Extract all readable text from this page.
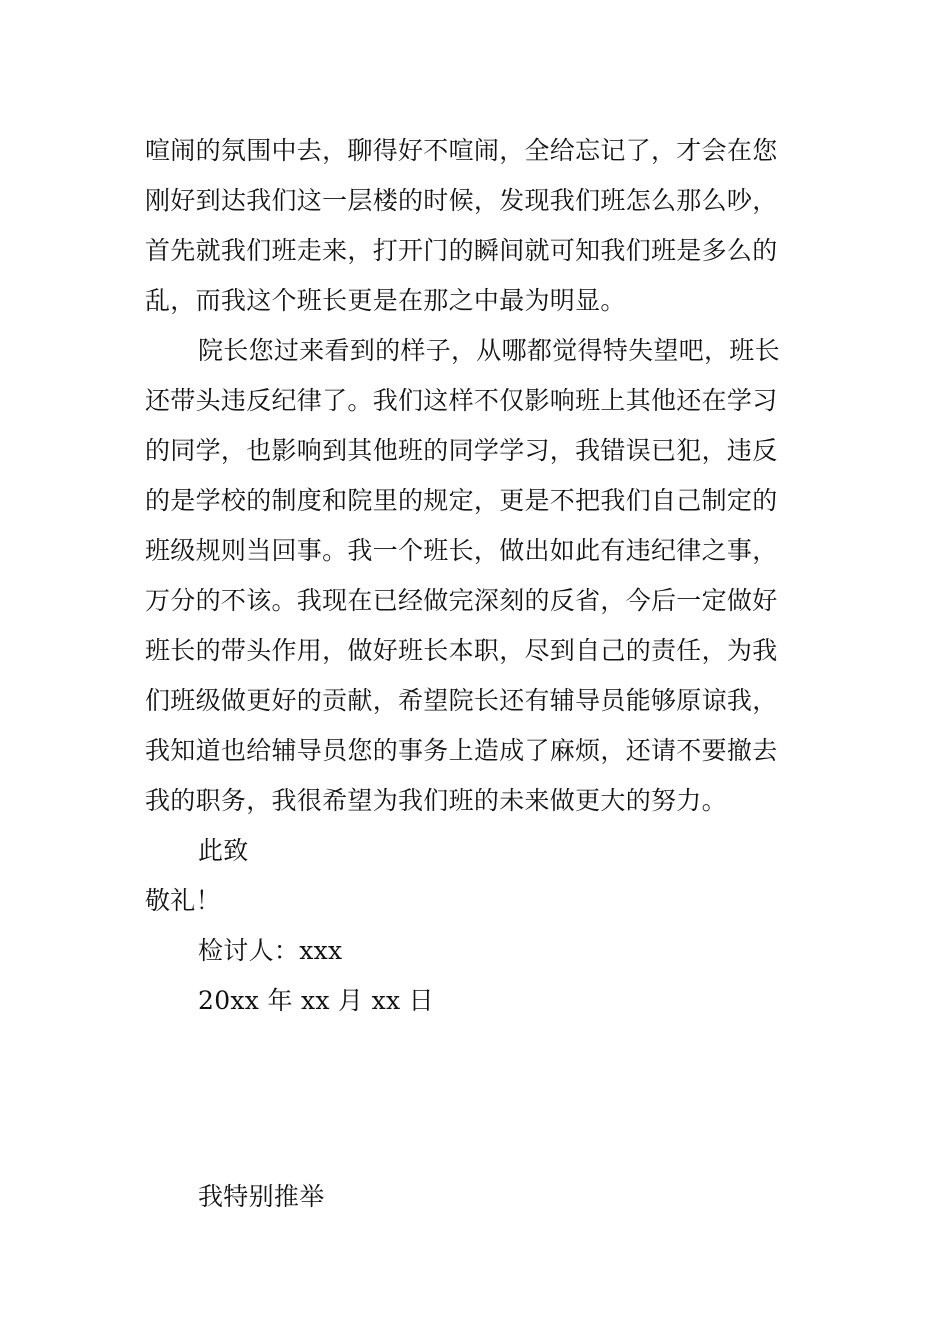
喧闹的氛围中去，聊得好不喧闹，全给忘记了，才会在您
刚好到达我们这一层楼的时候，发现我们班怎么那么吵，
首先就我们班走来，打开门的瞬间就可知我们班是多么的
乱，而我这个班长更是在那之中最为明显。
院长您过来看到的样子，从哪都觉得特失望吧，班长
还带头违反纪律了。我们这样不仅影响班上其他还在学习
的同学，也影响到其他班的同学学习，我错误已犯，违反
的是学校的制度和院里的规定，更是不把我们自己制定的
班级规则当回事。我一个班长，做出如此有违纪律之事，
万分的不该。我现在已经做完深刻的反省，今后一定做好
班长的带头作用，做好班长本职，尽到自己的责任，为我
们班级做更好的贡献，希望院长还有辅导员能够原谅我，
我知道也给辅导员您的事务上造成了麻烦，还请不要撤去
我的职务，我很希望为我们班的未来做更大的努力。
此致
敬礼！
检讨人：xxx
20xx 年 xx 月 xx 日
我特别推举
